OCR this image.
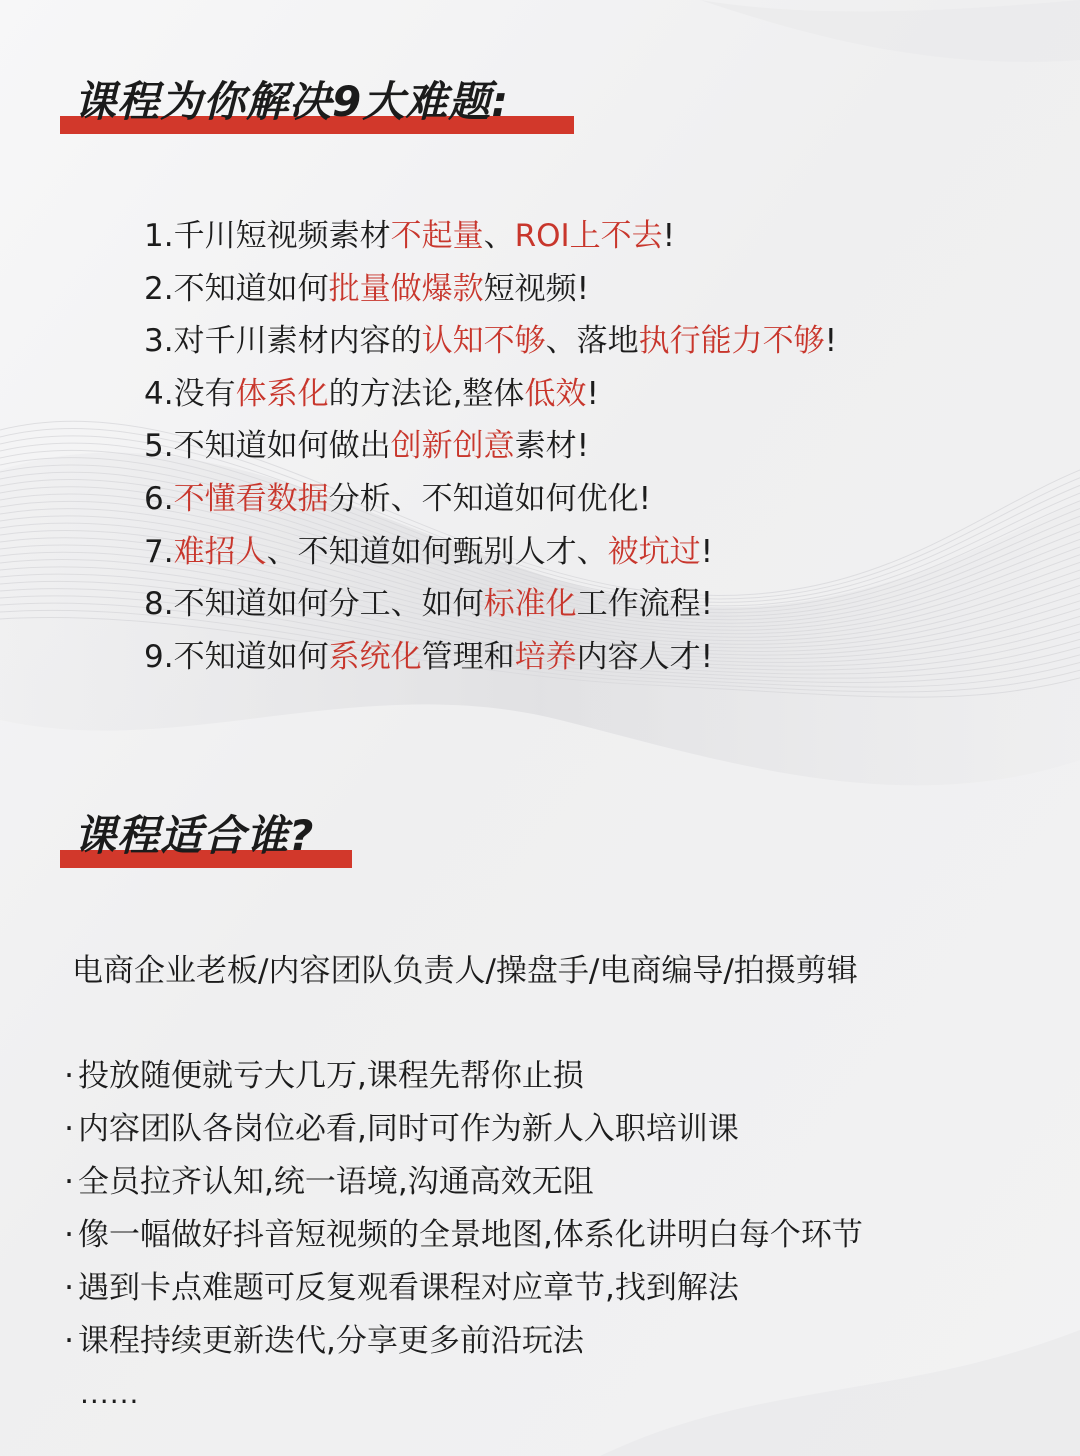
课程为你解决9大难题:
1.千川短视频素材不起量、ROI上不去!
2.不知道如何批量做爆款短视频!
3.对千川素材内容的认知不够、落地执行能力不够!
4.没有体系化的方法论,整体低效!
5.不知道如何做出创新创意素材!
6.不懂看数据分析、不知道如何优化!
7.难招人、不知道如何甄别人才、被坑过!
8.不知道如何分工、如何标准化工作流程!
9.不知道如何系统化管理和培养内容人才!
课程适合谁?
电商企业老板/内容团队负责人/操盘手/电商编导/拍摄剪辑
· 投放随便就亏大几万,课程先帮你止损
· 内容团队各岗位必看,同时可作为新人入职培训课
· 全员拉齐认知,统一语境,沟通高效无阻
· 像一幅做好抖音短视频的全景地图,体系化讲明白每个环节
· 遇到卡点难题可反复观看课程对应章节,找到解法
· 课程持续更新迭代,分享更多前沿玩法
......
